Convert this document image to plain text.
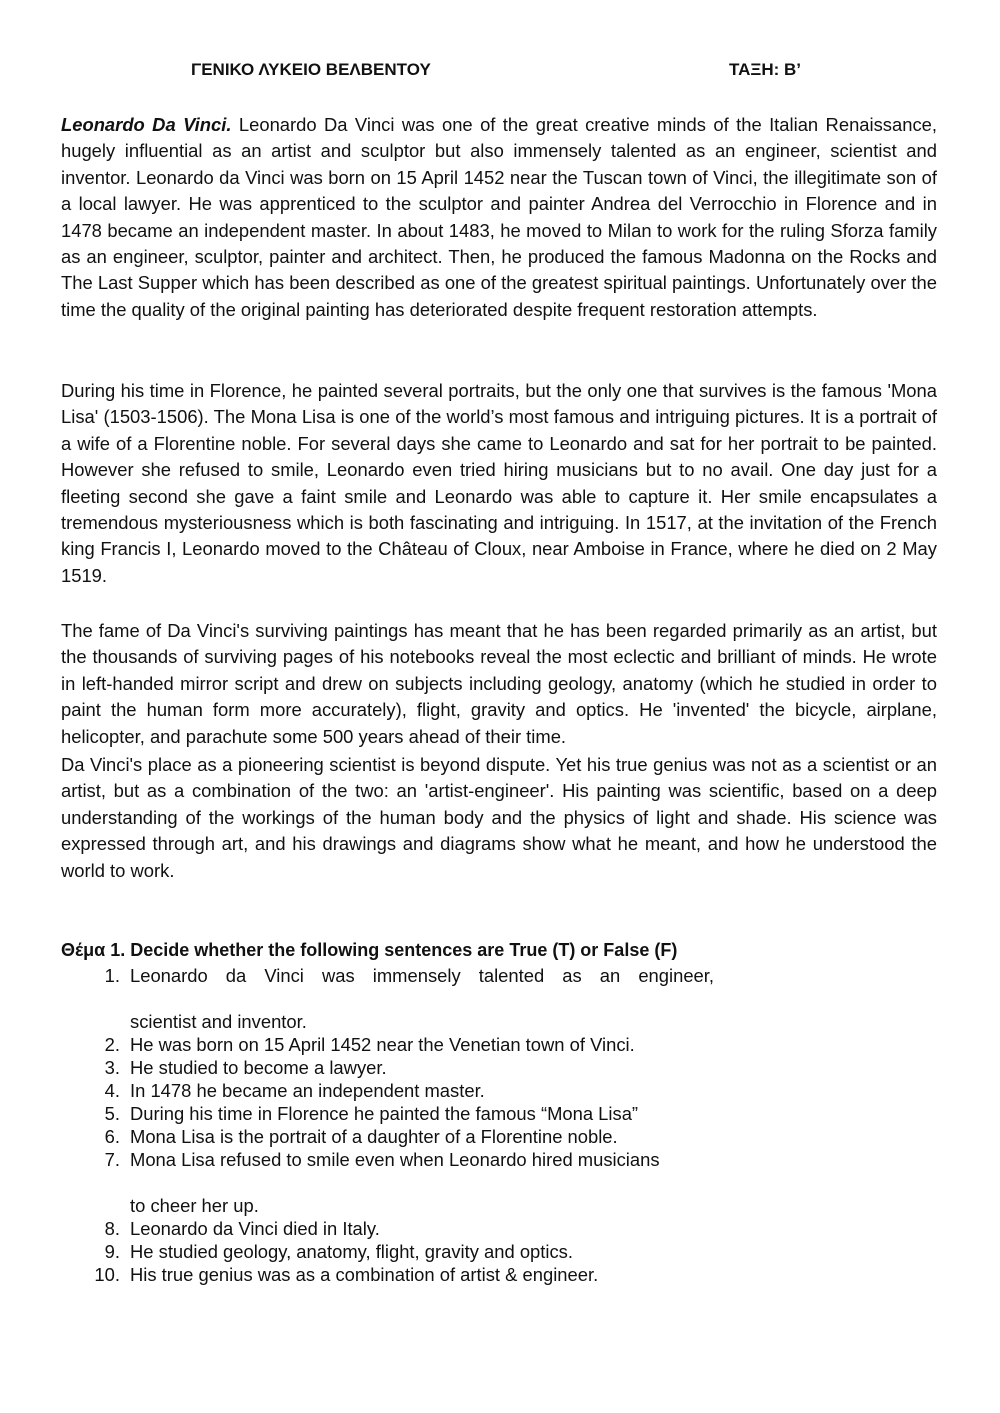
ΓΕΝΙΚΟ ΛΥΚΕΙΟ ΒΕΛΒΕΝΤΟΥ	ΤΑΞΗ: Β’

Leonardo Da Vinci. Leonardo Da Vinci was one of the great creative minds of the Italian Renaissance, hugely influential as an artist and sculptor but also immensely talented as an engineer, scientist and inventor. Leonardo da Vinci was born on 15 April 1452 near the Tuscan town of Vinci, the illegitimate son of a local lawyer. He was apprenticed to the sculptor and painter Andrea del Verrocchio in Florence and in 1478 became an independent master. In about 1483, he moved to Milan to work for the ruling Sforza family as an engineer, sculptor, painter and architect. Then, he produced the famous Madonna on the Rocks and The Last Supper which has been described as one of the greatest spiritual paintings. Unfortunately over the time the quality of the original painting has deteriorated despite frequent restoration attempts.

During his time in Florence, he painted several portraits, but the only one that survives is the famous 'Mona Lisa' (1503-1506). The Mona Lisa is one of the world’s most famous and intriguing pictures. It is a portrait of a wife of a Florentine noble. For several days she came to Leonardo and sat for her portrait to be painted. However she refused to smile, Leonardo even tried hiring musicians but to no avail. One day just for a fleeting second she gave a faint smile and Leonardo was able to capture it. Her smile encapsulates a tremendous mysteriousness which is both fascinating and intriguing. In 1517, at the invitation of the French king Francis I, Leonardo moved to the Château of Cloux, near Amboise in France, where he died on 2 May 1519.

The fame of Da Vinci's surviving paintings has meant that he has been regarded primarily as an artist, but the thousands of surviving pages of his notebooks reveal the most eclectic and brilliant of minds. He wrote in left-handed mirror script and drew on subjects including geology, anatomy (which he studied in order to paint the human form more accurately), flight, gravity and optics. He 'invented' the bicycle, airplane, helicopter, and parachute some 500 years ahead of their time.

Da Vinci's place as a pioneering scientist is beyond dispute. Yet his true genius was not as a scientist or an artist, but as a combination of the two: an 'artist-engineer'. His painting was scientific, based on a deep understanding of the workings of the human body and the physics of light and shade. His science was expressed through art, and his drawings and diagrams show what he meant, and how he understood the world to work.

Θέμα 1. Decide whether the following sentences are True (T) or False (F)
1. Leonardo da Vinci was immensely talented as an engineer,
scientist and inventor.
2. He was born on 15 April 1452 near the Venetian town of Vinci.
3. He studied to become a lawyer.
4. In 1478 he became an independent master.
5. During his time in Florence he painted the famous “Mona Lisa”
6. Mona Lisa is the portrait of a daughter of a Florentine noble.
7. Mona Lisa refused to smile even when Leonardo hired musicians
to cheer her up.
8. Leonardo da Vinci died in Italy.
9. He studied geology, anatomy, flight, gravity and optics.
10. His true genius was as a combination of artist & engineer.
